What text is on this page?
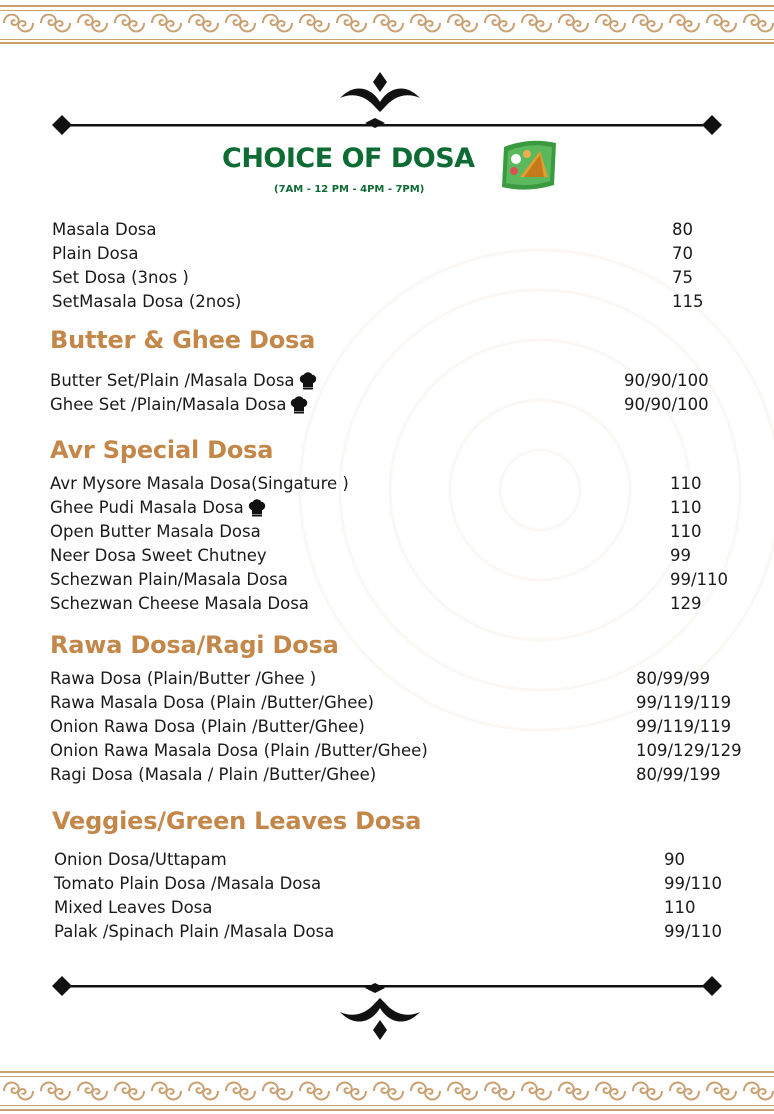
CHOICE OF DOSA
(7AM - 12 PM - 4PM - 7PM)
Butter & Ghee Dosa
Avr Special Dosa
Rawa Dosa/Ragi Dosa
Veggies/Green Leaves Dosa
Masala Dosa	80
Plain Dosa	70
Set Dosa (3nos )	75
SetMasala Dosa (2nos)	115
Butter Set/Plain /Masala Dosa	90/90/100
Ghee Set /Plain/Masala Dosa	90/90/100
Avr Mysore Masala Dosa(Singature )	110
Ghee Pudi Masala Dosa	110
Open Butter Masala Dosa	110
Neer Dosa Sweet Chutney	99
Schezwan Plain/Masala Dosa	99/110
Schezwan Cheese Masala Dosa	129
Rawa Dosa (Plain/Butter /Ghee )	80/99/99
Rawa Masala Dosa (Plain /Butter/Ghee)	99/119/119
Onion Rawa Dosa (Plain /Butter/Ghee)	99/119/119
Onion Rawa Masala Dosa (Plain /Butter/Ghee)	109/129/129
Ragi Dosa (Masala / Plain /Butter/Ghee)	80/99/199
Onion Dosa/Uttapam	90
Tomato Plain Dosa /Masala Dosa	99/110
Mixed Leaves Dosa	110
Palak /Spinach Plain /Masala Dosa	99/110
